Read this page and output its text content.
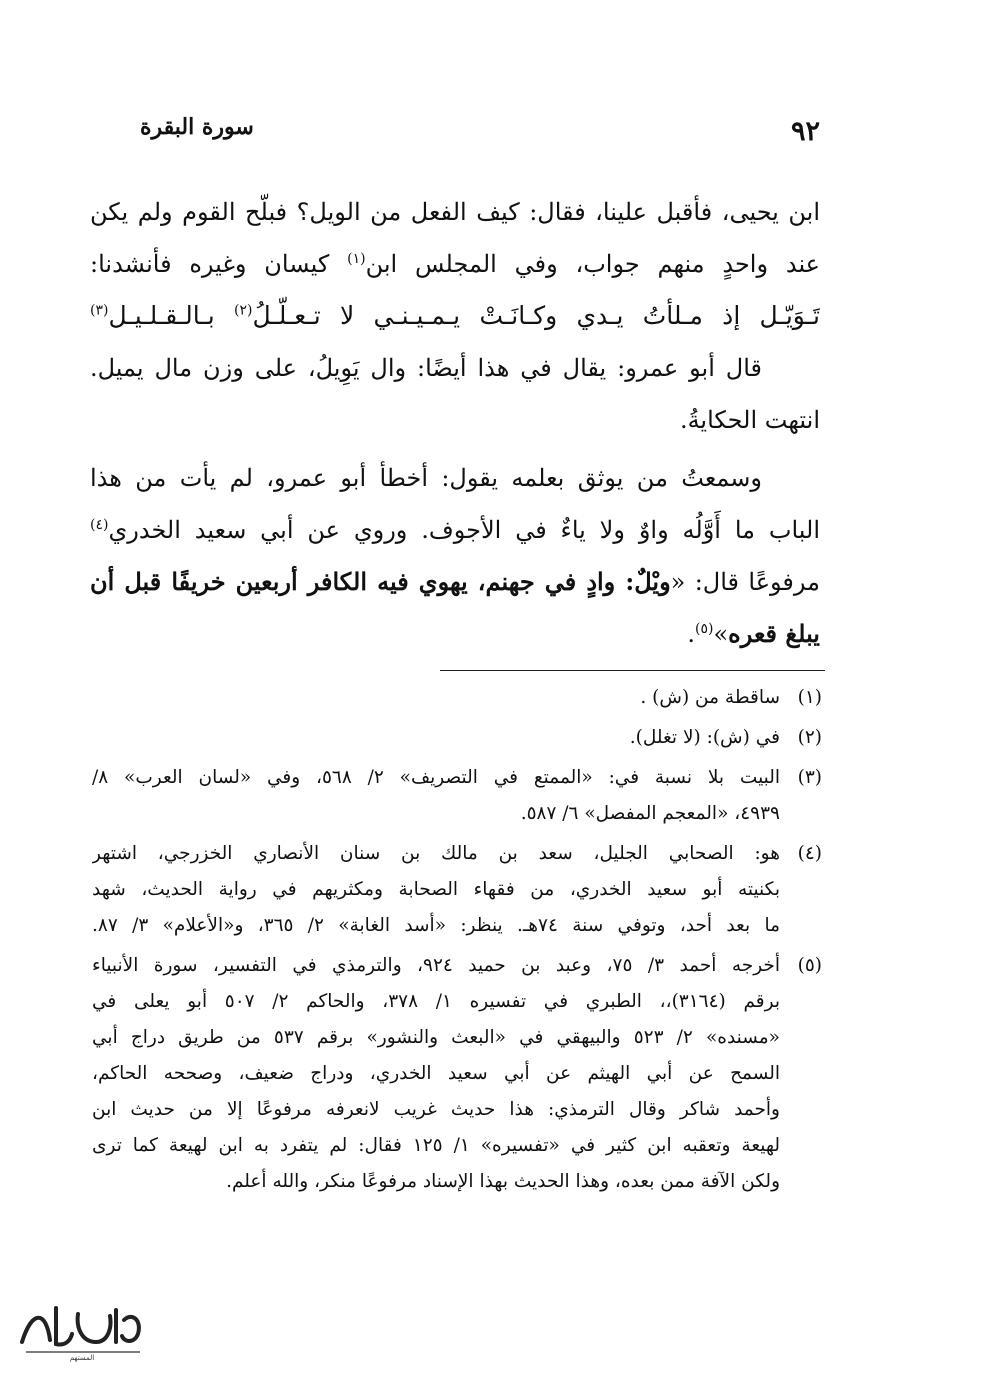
٩٢
سورة البقرة
ابن يحيى، فأقبل علينا، فقال: كيف الفعل من الويل؟ فبلّح القوم ولم يكن
عند واحدٍ منهم جواب، وفي المجلس ابن$^{(١)}$ كيسان وغيره فأنشدنا:
تَـوَيّـل إذ مـلأتُ يـدي وكـانَـتْ يـمـيـنـي لا تـعـلّـلُ$^{(٢)}$ بـالـقـلـيـل$^{(٣)}$
قال أبو عمرو: يقال في هذا أيضًا: وال يَوِيلُ، على وزن مال يميل.
انتهت الحكايةُ.
وسمعتُ من يوثق بعلمه يقول: أخطأ أبو عمرو، لم يأت من هذا
الباب ما أَوَّلُه واوٌ ولا ياءٌ في الأجوف. وروي عن أبي سعيد الخدري$^{(٤)}$
مرفوعًا قال: «ويْلٌ: وادٍ في جهنم، يهوي فيه الكافر أربعين خريفًا قبل أن
يبلغ قعره»$^{(٥)}$.
(١)
ساقطة من (ش) .
(٢)
في (ش): (لا تغلل).
(٣)
البيت بلا نسبة في: «الممتع في التصريف» ٢/ ٥٦٨، وفي «لسان العرب» ٨/
٤٩٣٩، «المعجم المفصل» ٦/ ٥٨٧.
(٤)
هو: الصحابي الجليل، سعد بن مالك بن سنان الأنصاري الخزرجي، اشتهر
بكنيته أبو سعيد الخدري، من فقهاء الصحابة ومكثريهم في رواية الحديث، شهد
ما بعد أحد، وتوفي سنة ٧٤هـ. ينظر: «أسد الغابة» ٢/ ٣٦٥، و«الأعلام» ٣/ ٨٧.
(٥)
أخرجه أحمد ٣/ ٧٥، وعبد بن حميد ٩٢٤، والترمذي في التفسير، سورة الأنبياء
برقم (٣١٦٤)،، الطبري في تفسيره ١/ ٣٧٨، والحاكم ٢/ ٥٠٧ أبو يعلى في
«مسنده» ٢/ ٥٢٣ والبيهقي في «البعث والنشور» برقم ٥٣٧ من طريق دراج أبي
السمح عن أبي الهيثم عن أبي سعيد الخدري، ودراج ضعيف، وصححه الحاكم،
وأحمد شاكر وقال الترمذي: هذا حديث غريب لانعرفه مرفوعًا إلا من حديث ابن
لهيعة وتعقبه ابن كثير في «تفسيره» ١/ ١٢٥ فقال: لم يتفرد به ابن لهيعة كما ترى
ولكن الآفة ممن بعده، وهذا الحديث بهذا الإسناد مرفوعًا منكر، والله أعلم.
المستهم
